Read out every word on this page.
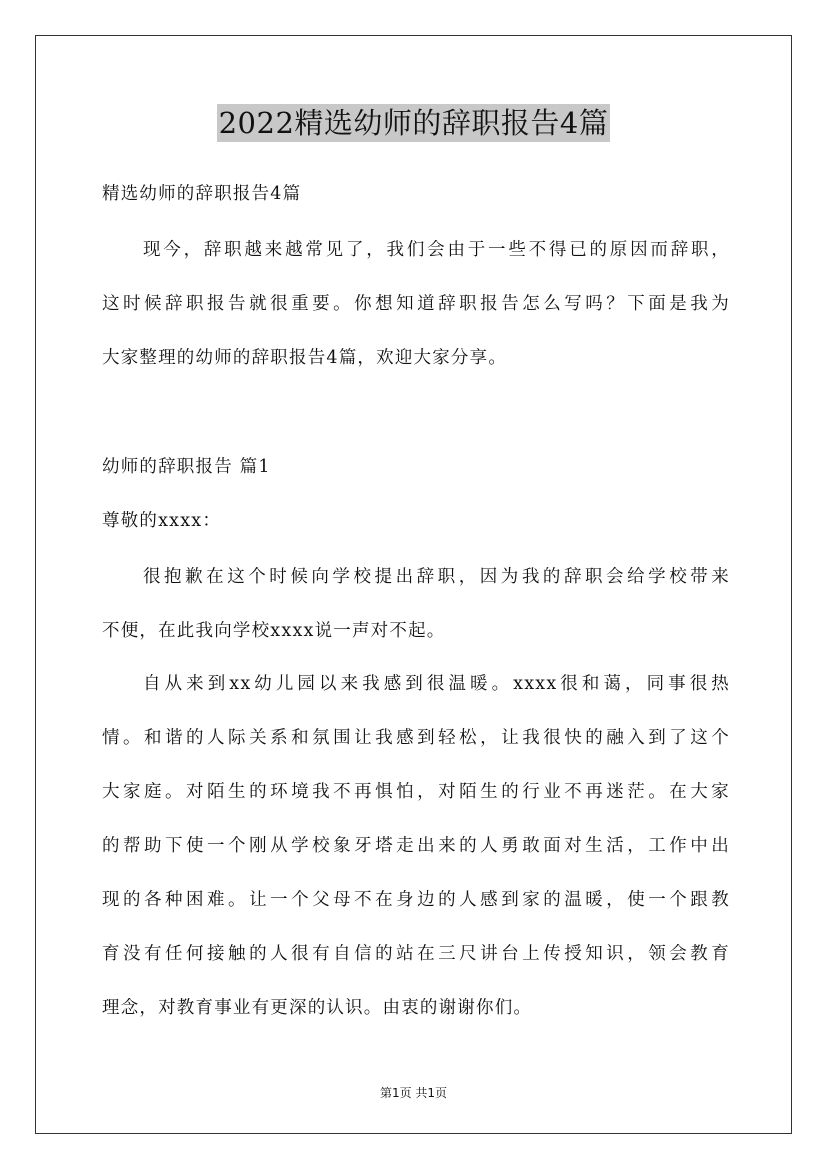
2022精选幼师的辞职报告4篇
精选幼师的辞职报告4篇
现今，辞职越来越常见了，我们会由于一些不得已的原因而辞职，
这时候辞职报告就很重要。你想知道辞职报告怎么写吗？下面是我为
大家整理的幼师的辞职报告4篇，欢迎大家分享。
幼师的辞职报告 篇1
尊敬的xxxx：
很抱歉在这个时候向学校提出辞职，因为我的辞职会给学校带来
不便，在此我向学校xxxx说一声对不起。
自从来到xx幼儿园以来我感到很温暖。xxxx很和蔼，同事很热
情。和谐的人际关系和氛围让我感到轻松，让我很快的融入到了这个
大家庭。对陌生的环境我不再惧怕，对陌生的行业不再迷茫。在大家
的帮助下使一个刚从学校象牙塔走出来的人勇敢面对生活，工作中出
现的各种困难。让一个父母不在身边的人感到家的温暖，使一个跟教
育没有任何接触的人很有自信的站在三尺讲台上传授知识，领会教育
理念，对教育事业有更深的认识。由衷的谢谢你们。
第1页 共1页
